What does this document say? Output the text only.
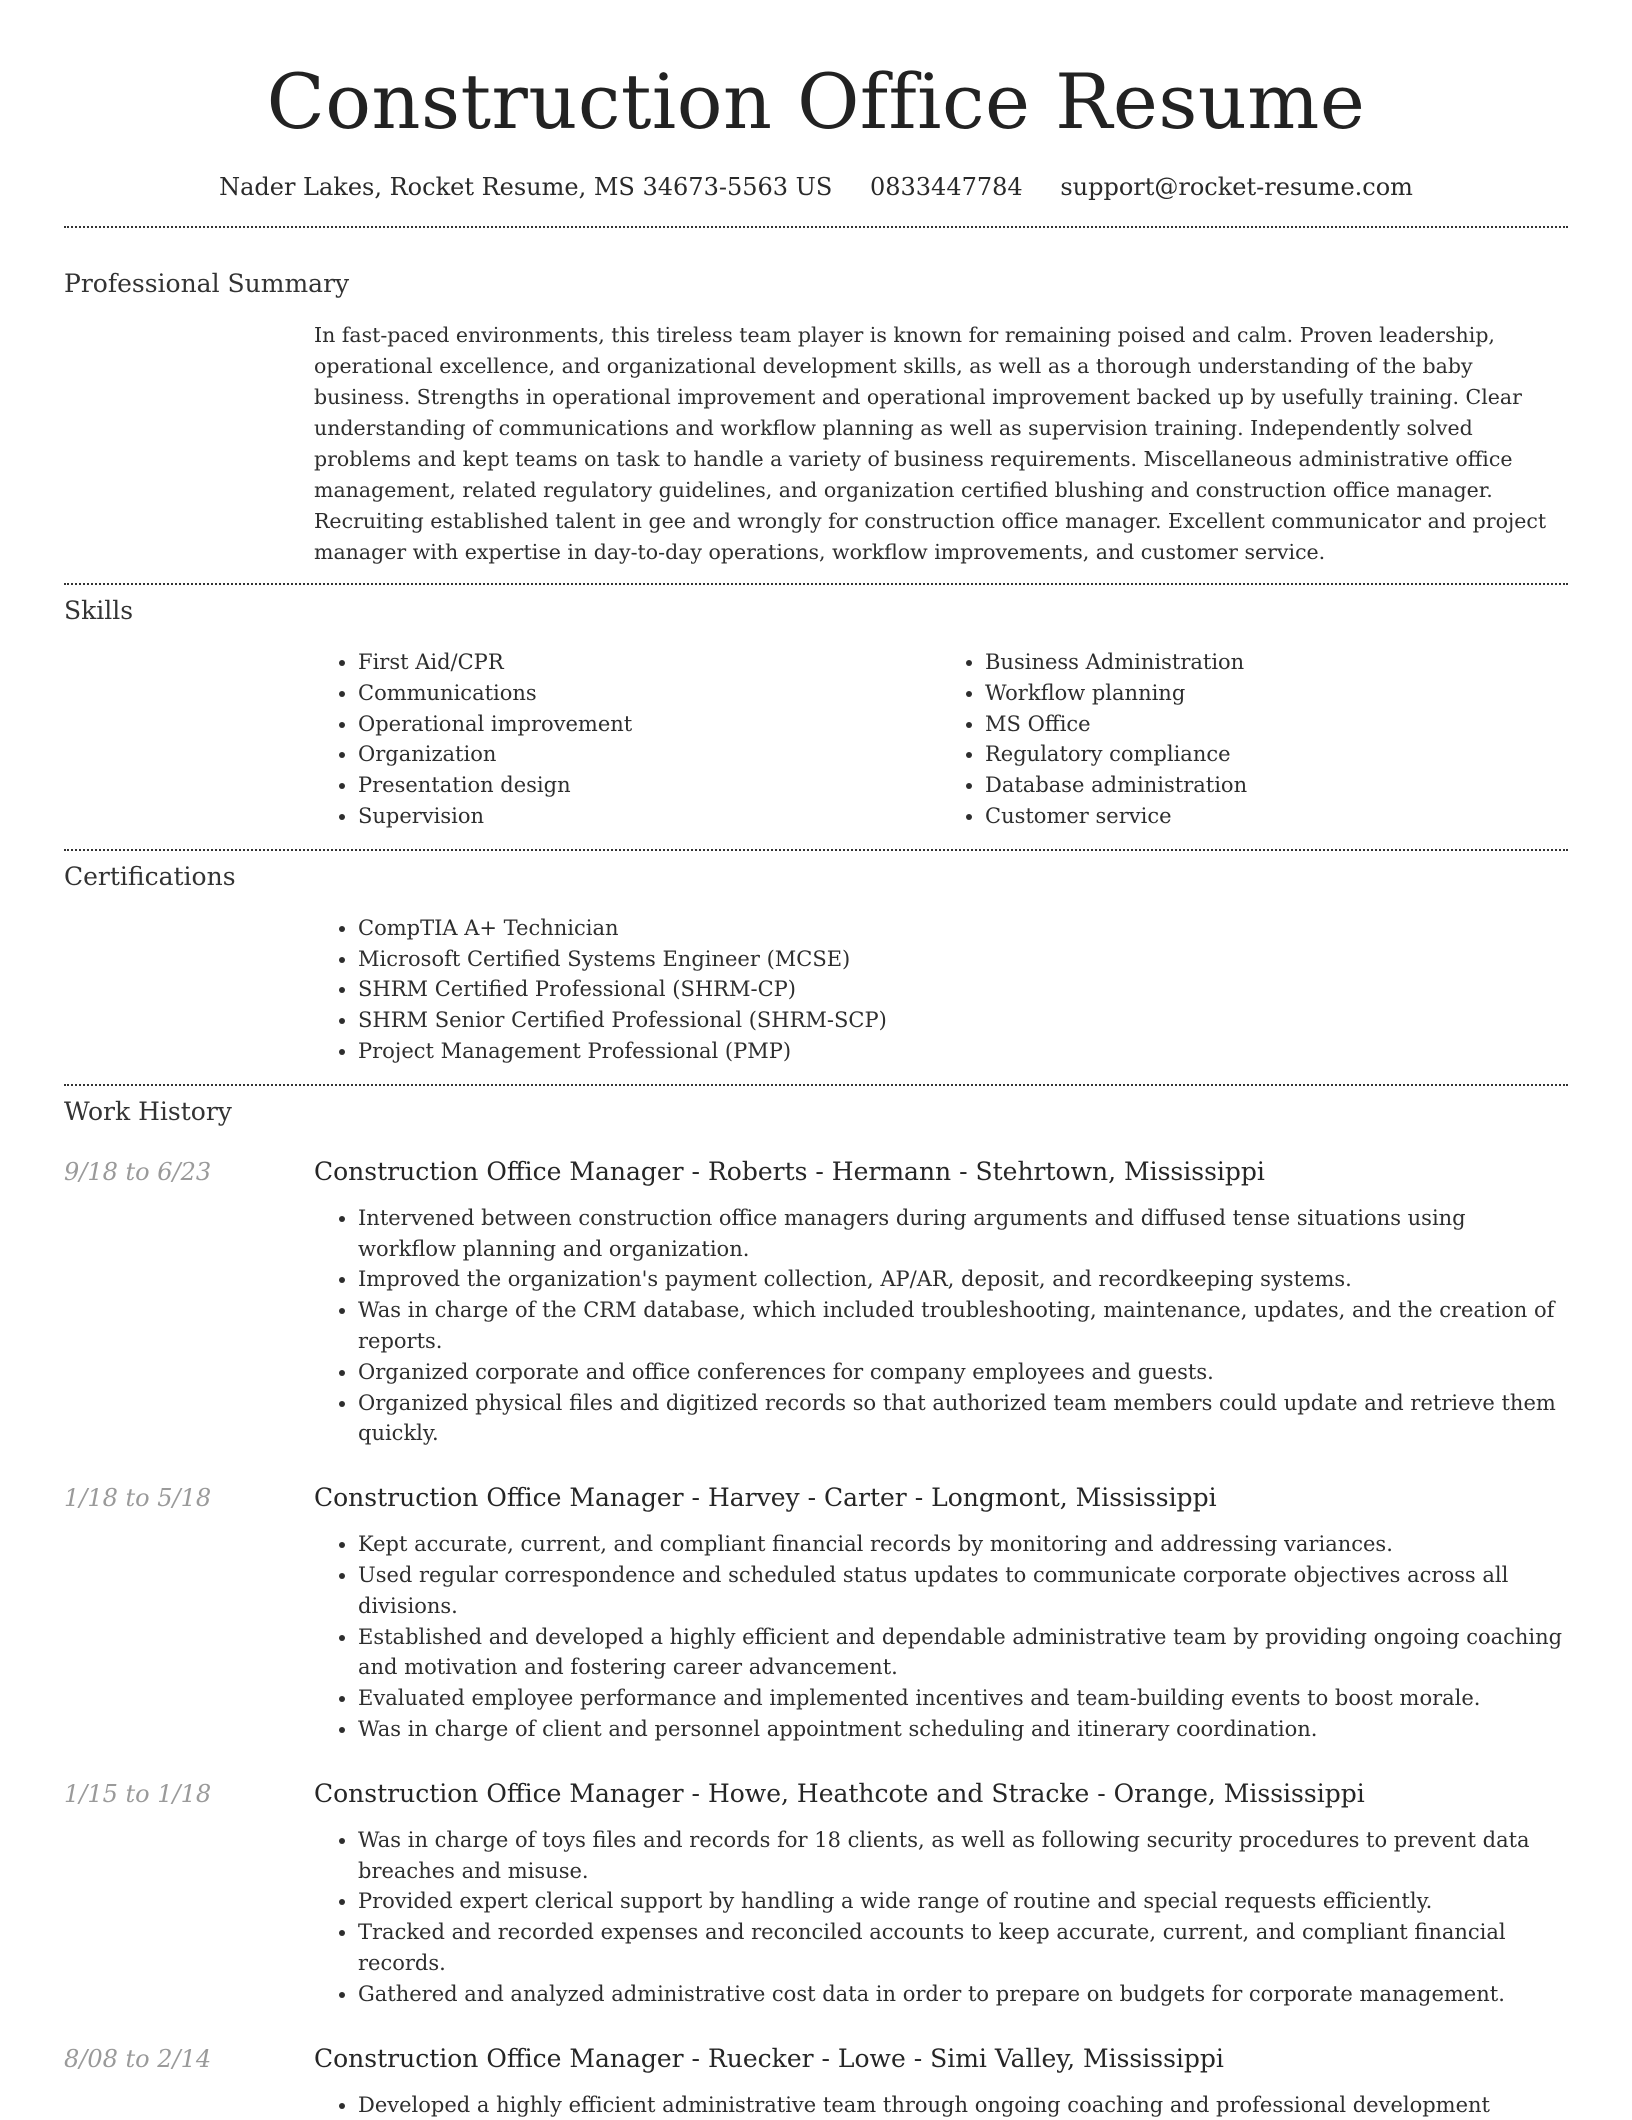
Construction Office Resume
Nader Lakes, Rocket Resume, MS 34673-5563 US 0833447784 support@rocket-resume.com
Professional Summary
In fast-paced environments, this tireless team player is known for remaining poised and calm. Proven leadership, operational excellence, and organizational development skills, as well as a thorough understanding of the baby business. Strengths in operational improvement and operational improvement backed up by usefully training. Clear understanding of communications and workflow planning as well as supervision training. Independently solved problems and kept teams on task to handle a variety of business requirements. Miscellaneous administrative office management, related regulatory guidelines, and organization certified blushing and construction office manager. Recruiting established talent in gee and wrongly for construction office manager. Excellent communicator and project manager with expertise in day-to-day operations, workflow improvements, and customer service.
Skills
• First Aid/CPR
• Communications
• Operational improvement
• Organization
• Presentation design
• Supervision
• Business Administration
• Workflow planning
• MS Office
• Regulatory compliance
• Database administration
• Customer service
Certifications
• CompTIA A+ Technician
• Microsoft Certified Systems Engineer (MCSE)
• SHRM Certified Professional (SHRM-CP)
• SHRM Senior Certified Professional (SHRM-SCP)
• Project Management Professional (PMP)
Work History
9/18 to 6/23	Construction Office Manager - Roberts - Hermann - Stehrtown, Mississippi
• Intervened between construction office managers during arguments and diffused tense situations using workflow planning and organization.
• Improved the organization's payment collection, AP/AR, deposit, and recordkeeping systems.
• Was in charge of the CRM database, which included troubleshooting, maintenance, updates, and the creation of reports.
• Organized corporate and office conferences for company employees and guests.
• Organized physical files and digitized records so that authorized team members could update and retrieve them quickly.
1/18 to 5/18	Construction Office Manager - Harvey - Carter - Longmont, Mississippi
• Kept accurate, current, and compliant financial records by monitoring and addressing variances.
• Used regular correspondence and scheduled status updates to communicate corporate objectives across all divisions.
• Established and developed a highly efficient and dependable administrative team by providing ongoing coaching and motivation and fostering career advancement.
• Evaluated employee performance and implemented incentives and team-building events to boost morale.
• Was in charge of client and personnel appointment scheduling and itinerary coordination.
1/15 to 1/18	Construction Office Manager - Howe, Heathcote and Stracke - Orange, Mississippi
• Was in charge of toys files and records for 18 clients, as well as following security procedures to prevent data breaches and misuse.
• Provided expert clerical support by handling a wide range of routine and special requests efficiently.
• Tracked and recorded expenses and reconciled accounts to keep accurate, current, and compliant financial records.
• Gathered and analyzed administrative cost data in order to prepare on budgets for corporate management.
8/08 to 2/14	Construction Office Manager - Ruecker - Lowe - Simi Valley, Mississippi
• Developed a highly efficient administrative team through ongoing coaching and professional development
